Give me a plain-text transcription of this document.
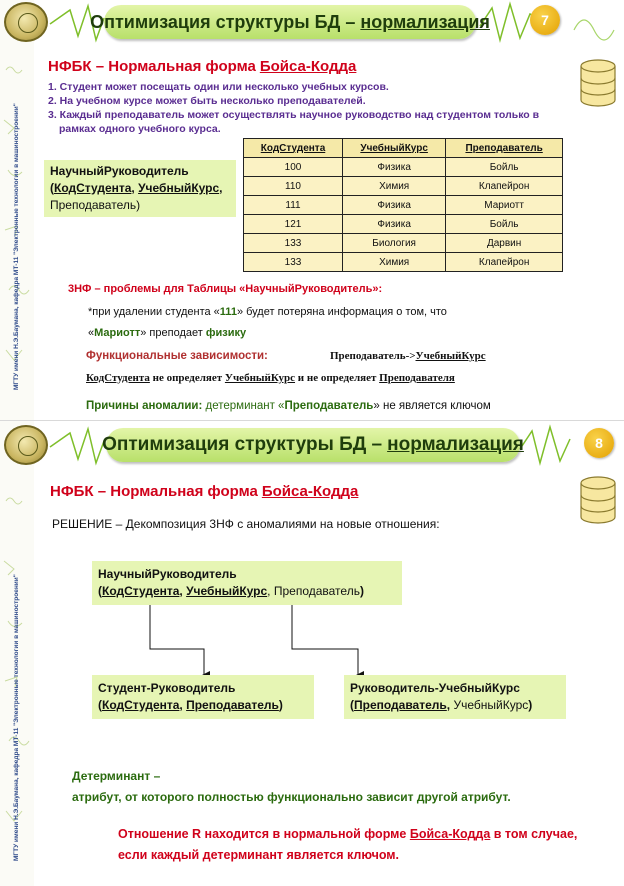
МГТУ имени Н.Э.Баумана, кафедра МТ-11 "Электронные технологии в машиностроении"
Оптимизация структуры БД – нормализация	7
НФБК – Нормальная форма Бойса-Кодда
1. Студент может посещать один или несколько учебных курсов.
2. На учебном курсе может быть несколько преподавателей.
3. Каждый преподаватель может осуществлять научное руководство над студентом только в
рамках одного учебного курса.
НаучныйРуководитель
(КодСтудента, УчебныйКурс,
Преподаватель)
КодСтудента	УчебныйКурс	Преподаватель
100	Физика	Бойль
110	Химия	Клапейрон
111	Физика	Мариотт
121	Физика	Бойль
133	Биология	Дарвин
133	Химия	Клапейрон
3НФ – проблемы для Таблицы «НаучныйРуководитель»:
*при удалении студента «111» будет потеряна информация о том, что
«Мариотт» преподает физику
Функциональные зависимости:	Преподаватель->УчебныйКурс
КодСтудента не определяет УчебныйКурс и не определяет Преподавателя
Причины аномалии: детерминант «Преподаватель» не является ключом
МГТУ имени Н.Э.Баумана, кафедра МТ-11 "Электронные технологии в машиностроении"
Оптимизация структуры БД – нормализация	8
НФБК – Нормальная форма Бойса-Кодда
РЕШЕНИЕ – Декомпозиция 3НФ с аномалиями на новые отношения:
НаучныйРуководитель
(КодСтудента, УчебныйКурс, Преподаватель)
Студент-Руководитель
(КодСтудента, Преподаватель)
Руководитель-УчебныйКурс
(Преподаватель, УчебныйКурс)
Детерминант –
атрибут, от которого полностью функционально зависит другой атрибут.
Отношение R находится в нормальной форме Бойса-Кодда в том случае, если каждый детерминант является ключом.
